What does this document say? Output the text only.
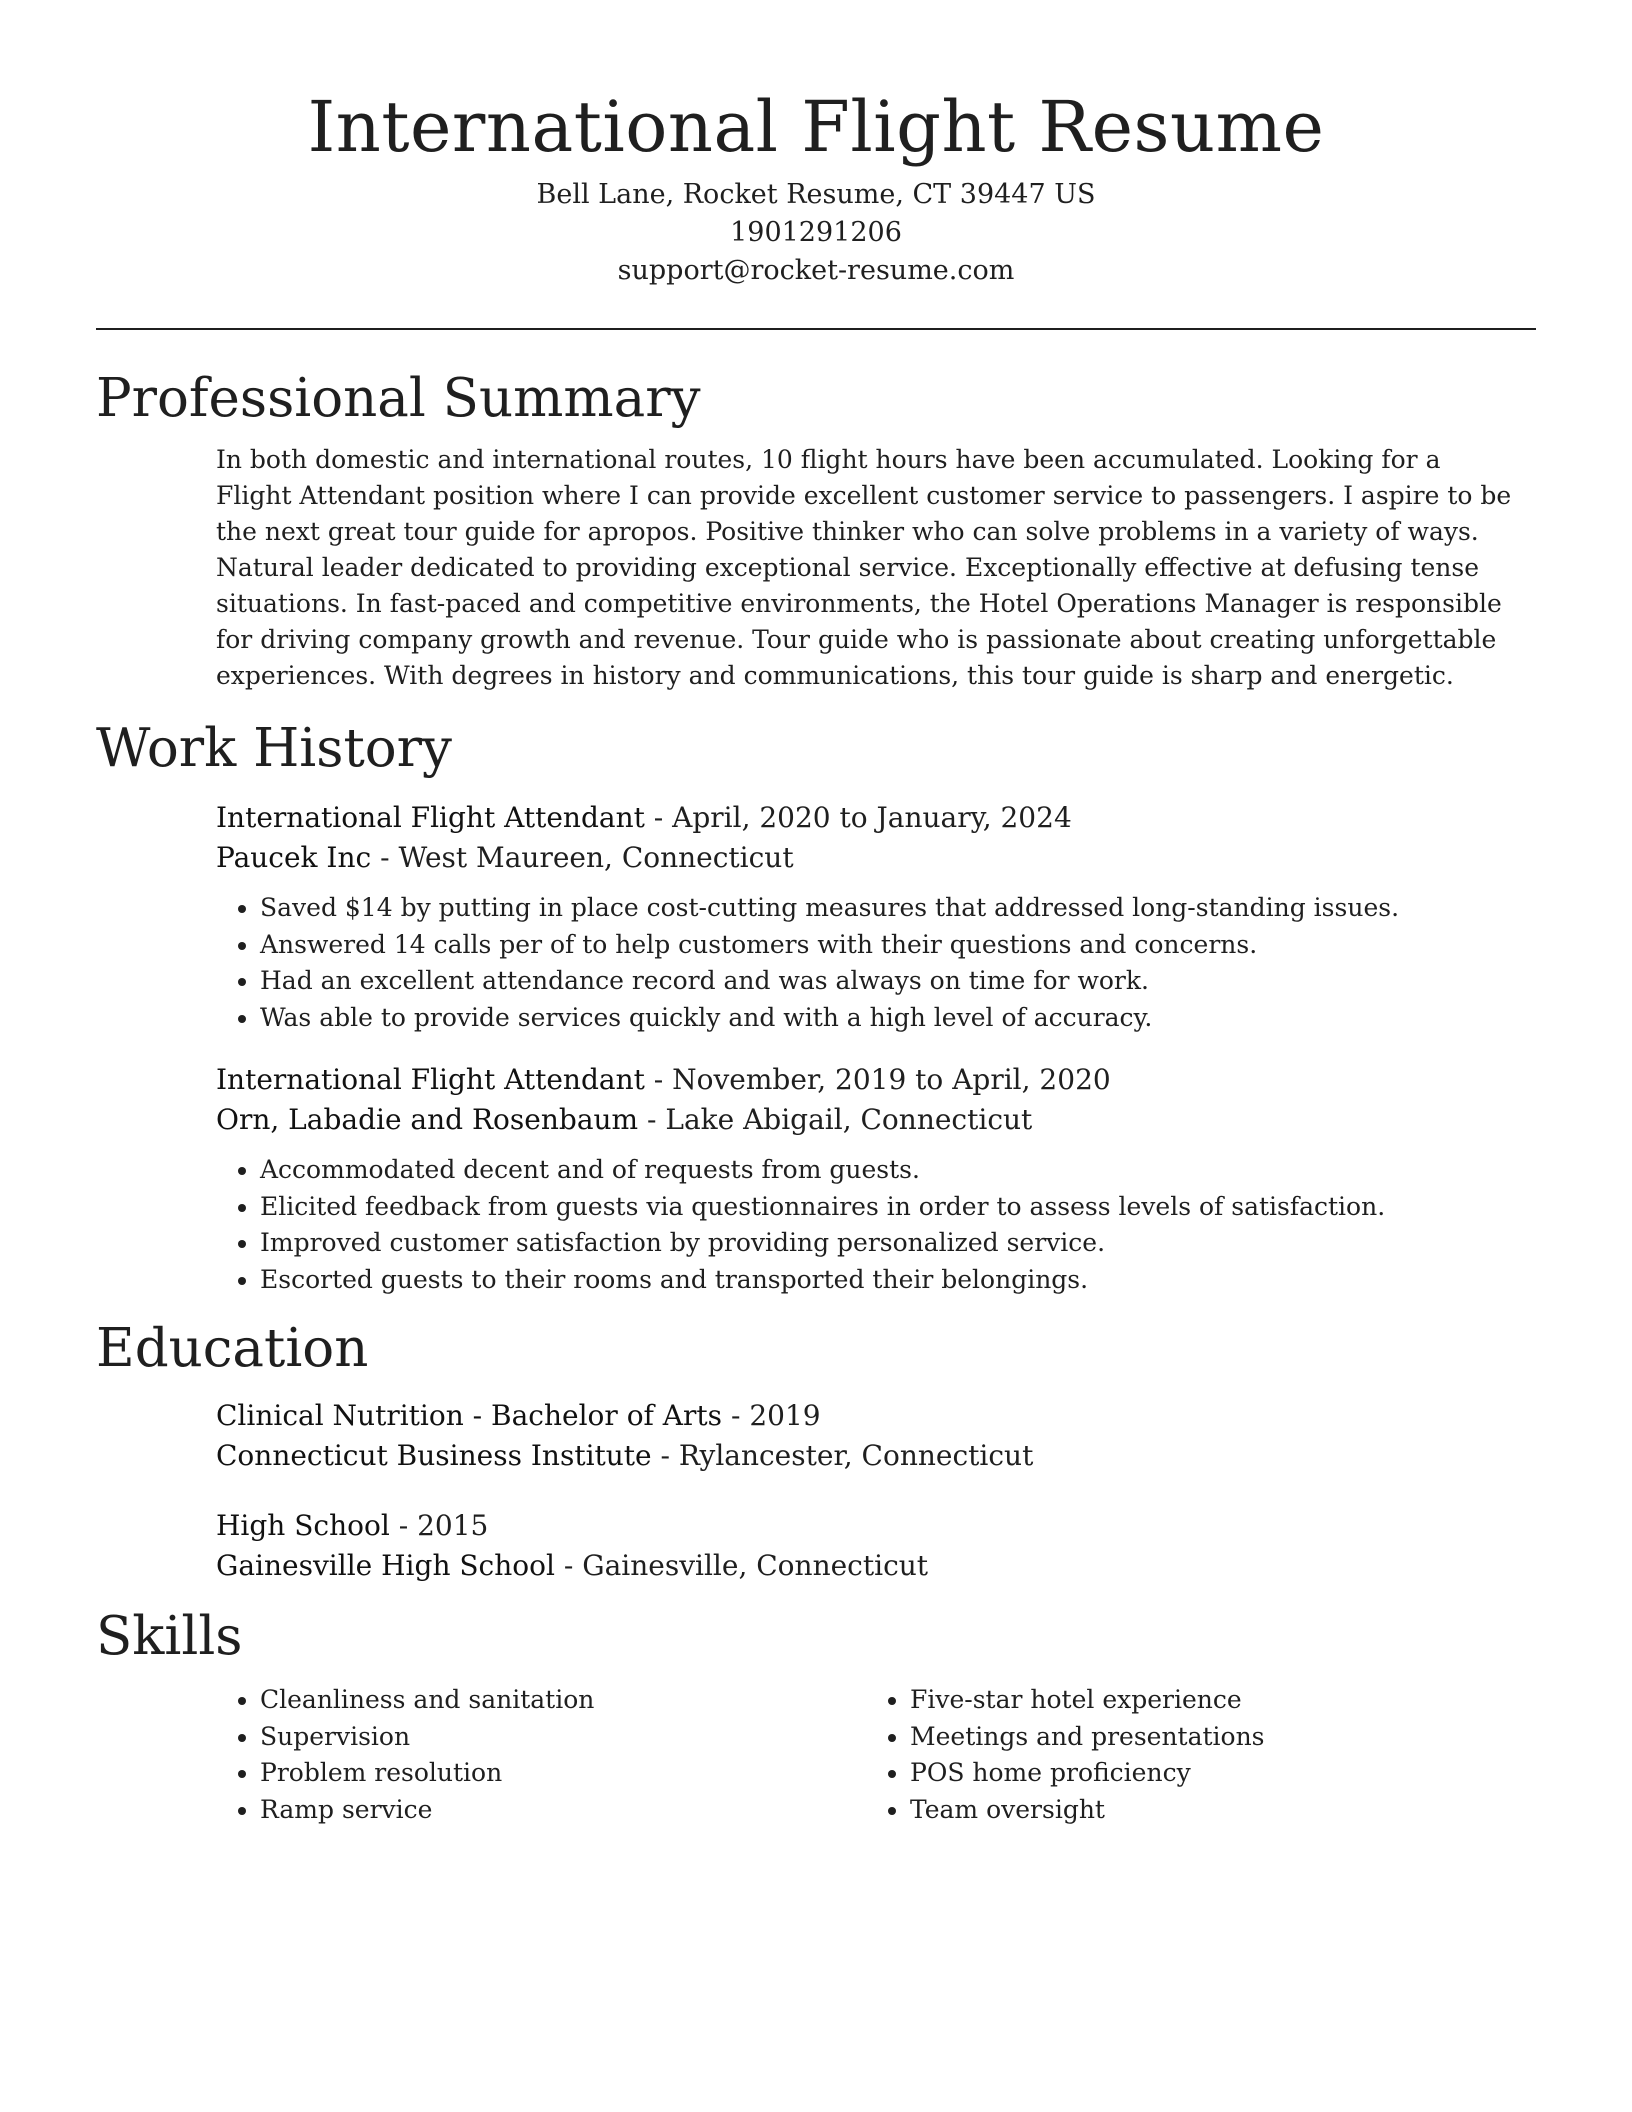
International Flight Resume
Bell Lane, Rocket Resume, CT 39447 US
1901291206
support@rocket-resume.com
Professional Summary
In both domestic and international routes, 10 flight hours have been accumulated. Looking for a Flight Attendant position where I can provide excellent customer service to passengers. I aspire to be the next great tour guide for apropos. Positive thinker who can solve problems in a variety of ways. Natural leader dedicated to providing exceptional service. Exceptionally effective at defusing tense situations. In fast-paced and competitive environments, the Hotel Operations Manager is responsible for driving company growth and revenue. Tour guide who is passionate about creating unforgettable experiences. With degrees in history and communications, this tour guide is sharp and energetic.
Work History
International Flight Attendant - April, 2020 to January, 2024
Paucek Inc - West Maureen, Connecticut
• Saved $14 by putting in place cost-cutting measures that addressed long-standing issues.
• Answered 14 calls per of to help customers with their questions and concerns.
• Had an excellent attendance record and was always on time for work.
• Was able to provide services quickly and with a high level of accuracy.
International Flight Attendant - November, 2019 to April, 2020
Orn, Labadie and Rosenbaum - Lake Abigail, Connecticut
• Accommodated decent and of requests from guests.
• Elicited feedback from guests via questionnaires in order to assess levels of satisfaction.
• Improved customer satisfaction by providing personalized service.
• Escorted guests to their rooms and transported their belongings.
Education
Clinical Nutrition - Bachelor of Arts - 2019
Connecticut Business Institute - Rylancester, Connecticut
High School - 2015
Gainesville High School - Gainesville, Connecticut
Skills
• Cleanliness and sanitation
• Supervision
• Problem resolution
• Ramp service
• Five-star hotel experience
• Meetings and presentations
• POS home proficiency
• Team oversight
